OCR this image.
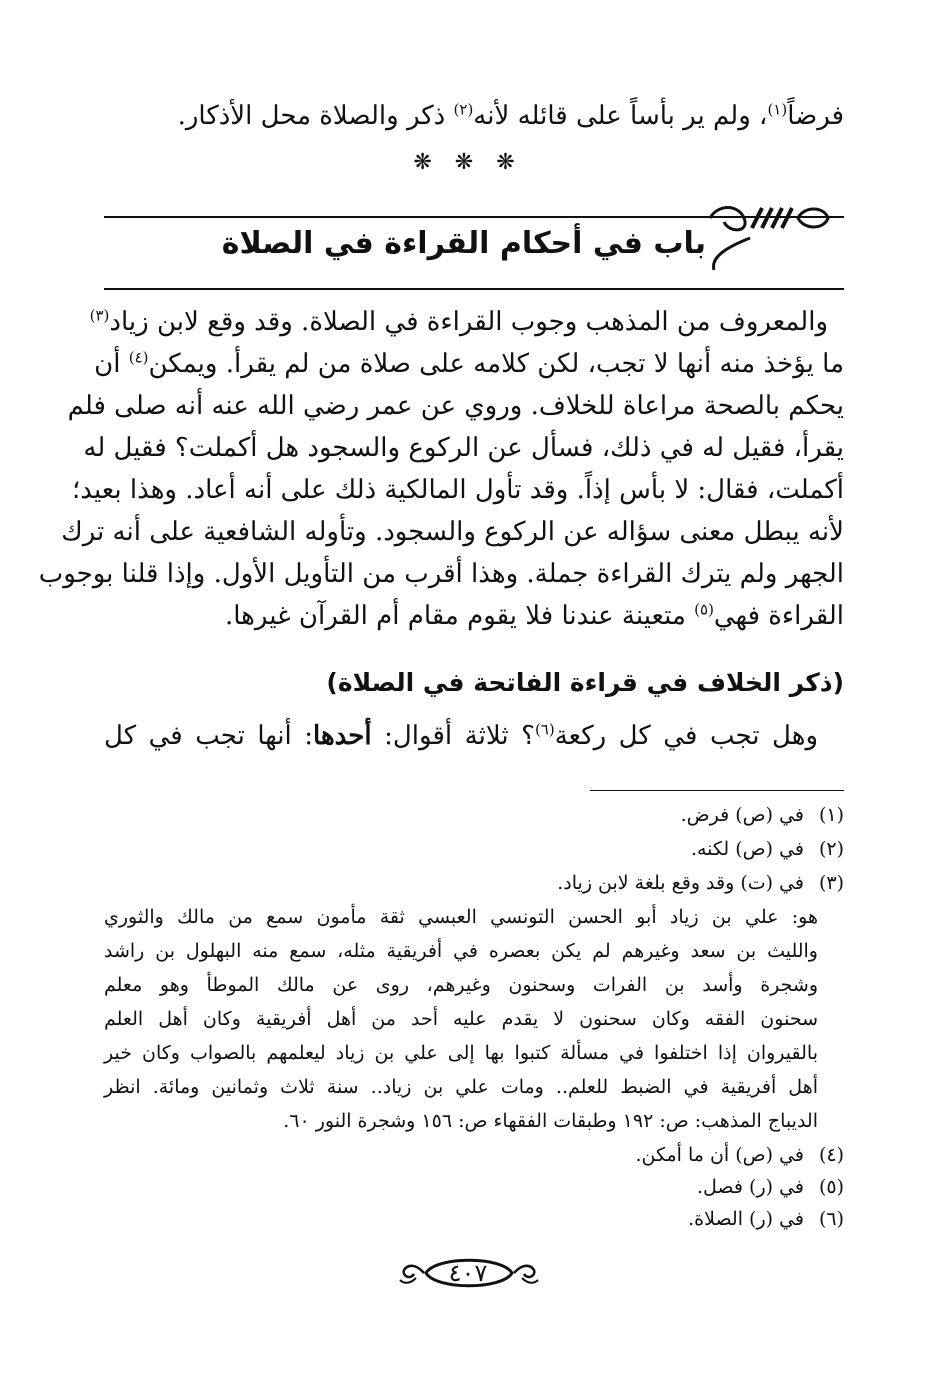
فرضاً$^{(١)}$، ولم ير بأساً على قائله لأنه$^{(٢)}$ ذكر والصلاة محل الأذكار.
❋ ❋ ❋
باب في أحكام القراءة في الصلاة
والمعروف من المذهب وجوب القراءة في الصلاة. وقد وقع لابن زياد$^{(٣)}$
ما يؤخذ منه أنها لا تجب، لكن كلامه على صلاة من لم يقرأ. ويمكن$^{(٤)}$ أن
يحكم بالصحة مراعاة للخلاف. وروي عن عمر رضي الله عنه أنه صلى فلم
يقرأ، فقيل له في ذلك، فسأل عن الركوع والسجود هل أكملت؟ فقيل له
أكملت، فقال: لا بأس إذاً. وقد تأول المالكية ذلك على أنه أعاد. وهذا بعيد؛
لأنه يبطل معنى سؤاله عن الركوع والسجود. وتأوله الشافعية على أنه ترك
الجهر ولم يترك القراءة جملة. وهذا أقرب من التأويل الأول. وإذا قلنا بوجوب
القراءة فهي$^{(٥)}$ متعينة عندنا فلا يقوم مقام أم القرآن غيرها.
(ذكر الخلاف في قراءة الفاتحة في الصلاة)
وهل تجب في كل ركعة$^{(٦)}$؟ ثلاثة أقوال: أحدها: أنها تجب في كل
(١)في (ص) فرض.
(٢)في (ص) لكنه.
(٣)في (ت) وقد وقع بلغة لابن زياد.
هو: علي بن زياد أبو الحسن التونسي العبسي ثقة مأمون سمع من مالك والثوري
والليث بن سعد وغيرهم لم يكن بعصره في أفريقية مثله، سمع منه البهلول بن راشد
وشجرة وأسد بن الفرات وسحنون وغيرهم، روى عن مالك الموطأ وهو معلم
سحنون الفقه وكان سحنون لا يقدم عليه أحد من أهل أفريقية وكان أهل العلم
بالقيروان إذا اختلفوا في مسألة كتبوا بها إلى علي بن زياد ليعلمهم بالصواب وكان خير
أهل أفريقية في الضبط للعلم.. ومات علي بن زياد.. سنة ثلاث وثمانين ومائة. انظر
الديباج المذهب: ص: ١٩٢ وطبقات الفقهاء ص: ١٥٦ وشجرة النور ٦٠.
(٤)في (ص) أن ما أمكن.
(٥)في (ر) فصل.
(٦)في (ر) الصلاة.
٤٠٧
